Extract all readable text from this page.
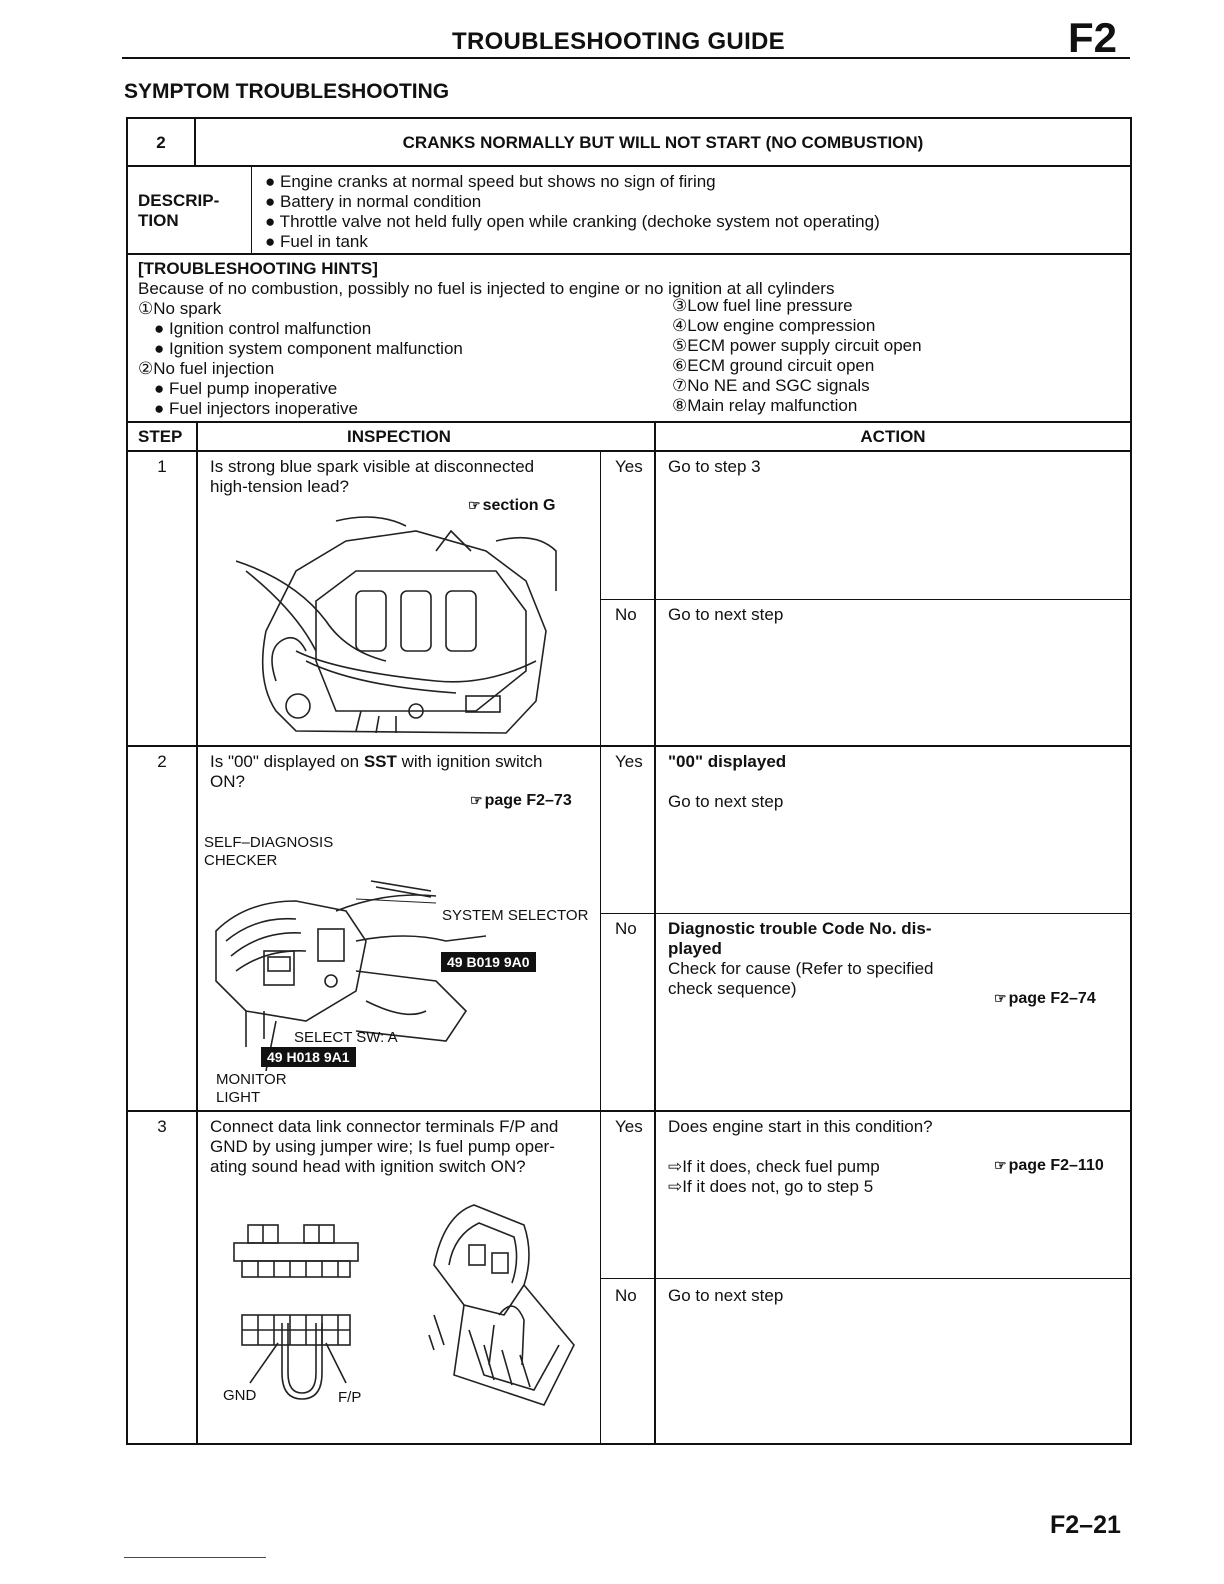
TROUBLESHOOTING GUIDE	F2
SYMPTOM TROUBLESHOOTING
2	CRANKS NORMALLY BUT WILL NOT START (NO COMBUSTION)
DESCRIP-
TION
● Engine cranks at normal speed but shows no sign of firing
● Battery in normal condition
● Throttle valve not held fully open while cranking (dechoke system not operating)
● Fuel in tank
[TROUBLESHOOTING HINTS]
Because of no combustion, possibly no fuel is injected to engine or no ignition at all cylinders
①No spark
● Ignition control malfunction
● Ignition system component malfunction
②No fuel injection
● Fuel pump inoperative
● Fuel injectors inoperative
③Low fuel line pressure
④Low engine compression
⑤ECM power supply circuit open
⑥ECM ground circuit open
⑦No NE and SGC signals
⑧Main relay malfunction
STEP	INSPECTION	ACTION
1	Is strong blue spark visible at disconnected
high-tension lead?
☞ section G
Yes Go to step 3
No Go to next step
2	Is "00" displayed on SST with ignition switch
ON?
☞ page F2–73
SELF–DIAGNOSIS
CHECKER
SYSTEM SELECTOR
49 B019 9A0
SELECT SW: A
49 H018 9A1
MONITOR
LIGHT
Yes "00" displayed
Go to next step
No Diagnostic trouble Code No. dis-
played
Check for cause (Refer to specified
check sequence)	☞ page F2–74
3	Connect data link connector terminals F/P and
GND by using jumper wire; Is fuel pump oper-
ating sound head with ignition switch ON?
GND	F/P
Yes Does engine start in this condition?
⇨If it does, check fuel pump
⇨If it does not, go to step 5
☞ page F2–110
No Go to next step
F2–21
